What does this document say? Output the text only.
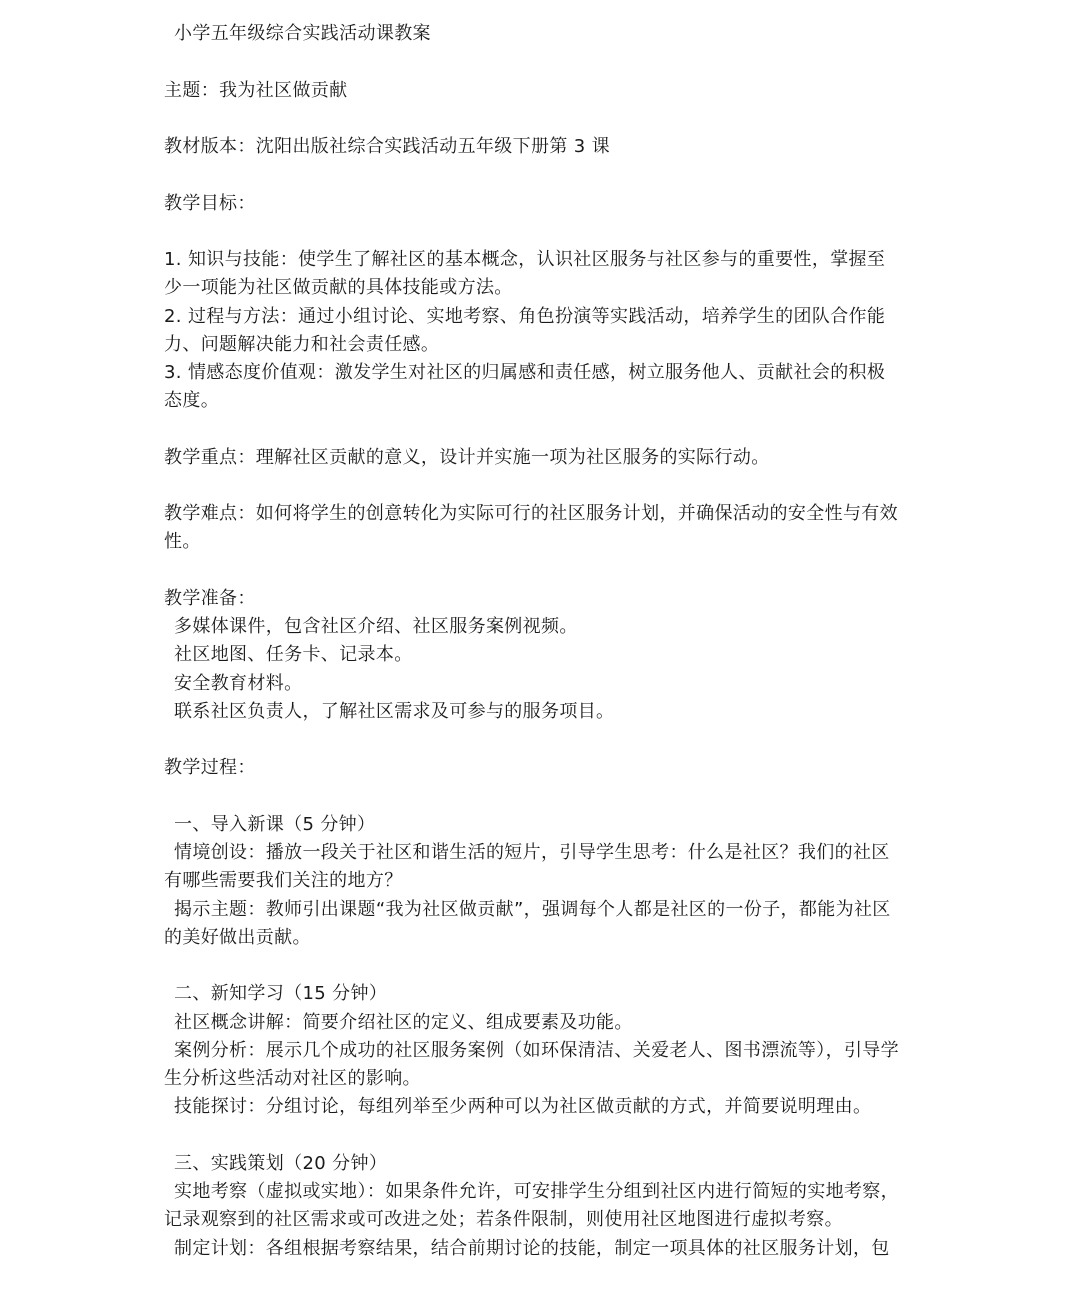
小学五年级综合实践活动课教案
主题：我为社区做贡献
教材版本：沈阳出版社综合实践活动五年级下册第 3 课
教学目标：
1. 知识与技能：使学生了解社区的基本概念，认识社区服务与社区参与的重要性，掌握至
少一项能为社区做贡献的具体技能或方法。
2. 过程与方法：通过小组讨论、实地考察、角色扮演等实践活动，培养学生的团队合作能
力、问题解决能力和社会责任感。
3. 情感态度价值观：激发学生对社区的归属感和责任感，树立服务他人、贡献社会的积极
态度。
教学重点：理解社区贡献的意义，设计并实施一项为社区服务的实际行动。
教学难点：如何将学生的创意转化为实际可行的社区服务计划，并确保活动的安全性与有效
性。
教学准备：
多媒体课件，包含社区介绍、社区服务案例视频。
社区地图、任务卡、记录本。
安全教育材料。
联系社区负责人，了解社区需求及可参与的服务项目。
教学过程：
一、导入新课（5 分钟）
情境创设：播放一段关于社区和谐生活的短片，引导学生思考：什么是社区？我们的社区
有哪些需要我们关注的地方？
揭示主题：教师引出课题“我为社区做贡献”，强调每个人都是社区的一份子，都能为社区
的美好做出贡献。
二、新知学习（15 分钟）
社区概念讲解：简要介绍社区的定义、组成要素及功能。
案例分析：展示几个成功的社区服务案例（如环保清洁、关爱老人、图书漂流等），引导学
生分析这些活动对社区的影响。
技能探讨：分组讨论，每组列举至少两种可以为社区做贡献的方式，并简要说明理由。
三、实践策划（20 分钟）
实地考察（虚拟或实地）：如果条件允许，可安排学生分组到社区内进行简短的实地考察，
记录观察到的社区需求或可改进之处；若条件限制，则使用社区地图进行虚拟考察。
制定计划：各组根据考察结果，结合前期讨论的技能，制定一项具体的社区服务计划，包
